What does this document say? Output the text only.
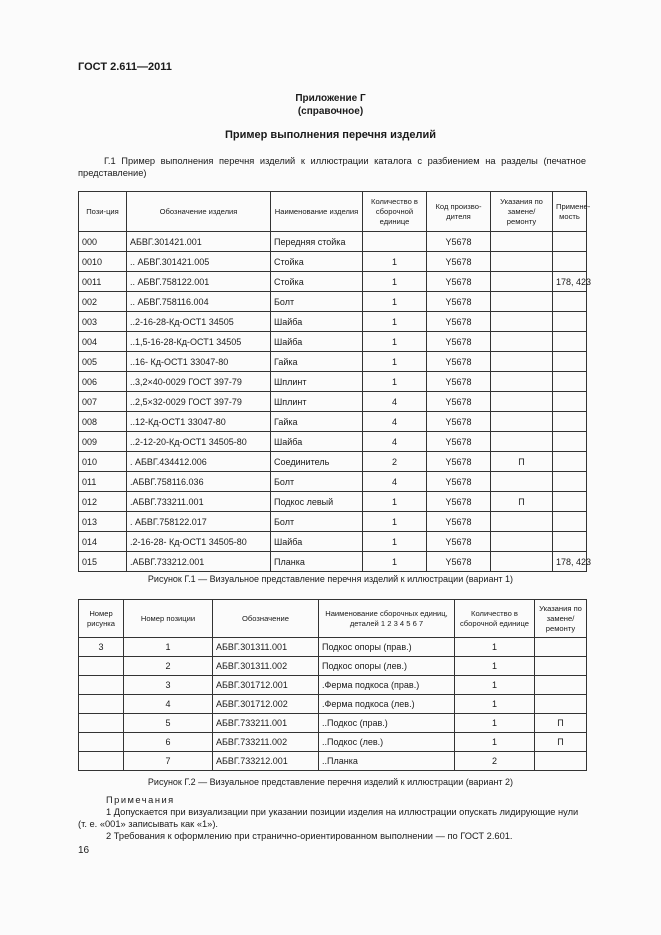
ГОСТ 2.611—2011
Приложение Г
(справочное)
Пример выполнения перечня изделий
Г.1 Пример выполнения перечня изделий к иллюстрации каталога с разбиением на разделы (печатное представление)
Пози-ция	Обозначение изделия	Наименование изделия	Количество в сборочной единице	Код произво-дителя	Указания по замене/ремонту	Примене-мость
000	АБВГ.301421.001	Передняя стойка		Y5678		
0010	.. АБВГ.301421.005	Стойка	1	Y5678		
0011	.. АБВГ.758122.001	Стойка	1	Y5678		178, 423
002	.. АБВГ.758116.004	Болт	1	Y5678		
003	..2-16-28-Кд-ОСТ1 34505	Шайба	1	Y5678		
004	..1,5-16-28-Кд-ОСТ1 34505	Шайба	1	Y5678		
005	..16- Кд-ОСТ1 33047-80	Гайка	1	Y5678		
006	..3,2×40-0029 ГОСТ 397-79	Шплинт	1	Y5678		
007	..2,5×32-0029 ГОСТ 397-79	Шплинт	4	Y5678		
008	..12-Кд-ОСТ1 33047-80	Гайка	4	Y5678		
009	..2-12-20-Кд-ОСТ1 34505-80	Шайба	4	Y5678		
010	. АБВГ.434412.006	Соединитель	2	Y5678	П	
011	.АБВГ.758116.036	Болт	4	Y5678		
012	.АБВГ.733211.001	Подкос левый	1	Y5678	П	
013	. АБВГ.758122.017	Болт	1	Y5678		
014	.2-16-28- Кд-ОСТ1 34505-80	Шайба	1	Y5678		
015	.АБВГ.733212.001	Планка	1	Y5678		178, 423
Рисунок Г.1 — Визуальное представление перечня изделий к иллюстрации (вариант 1)
Номер рисунка	Номер позиции	Обозначение	Наименование сборочных единиц, деталей 1 2 3 4 5 6 7	Количество в сборочной единице	Указания по замене/ремонту
3	1	АБВГ.301311.001	Подкос опоры (прав.)	1	
	2	АБВГ.301311.002	Подкос опоры (лев.)	1	
	3	АБВГ.301712.001	.Ферма подкоса (прав.)	1	
	4	АБВГ.301712.002	.Ферма подкоса (лев.)	1	
	5	АБВГ.733211.001	..Подкос (прав.)	1	П
	6	АБВГ.733211.002	..Подкос (лев.)	1	П
	7	АБВГ.733212.001	..Планка	2	
Рисунок Г.2 — Визуальное представление перечня изделий к иллюстрации (вариант 2)
Примечания
1 Допускается при визуализации при указании позиции изделия на иллюстрации опускать лидирующие нули (т. е. «001» записывать как «1»).
2 Требования к оформлению при странично-ориентированном выполнении — по ГОСТ 2.601.
16
